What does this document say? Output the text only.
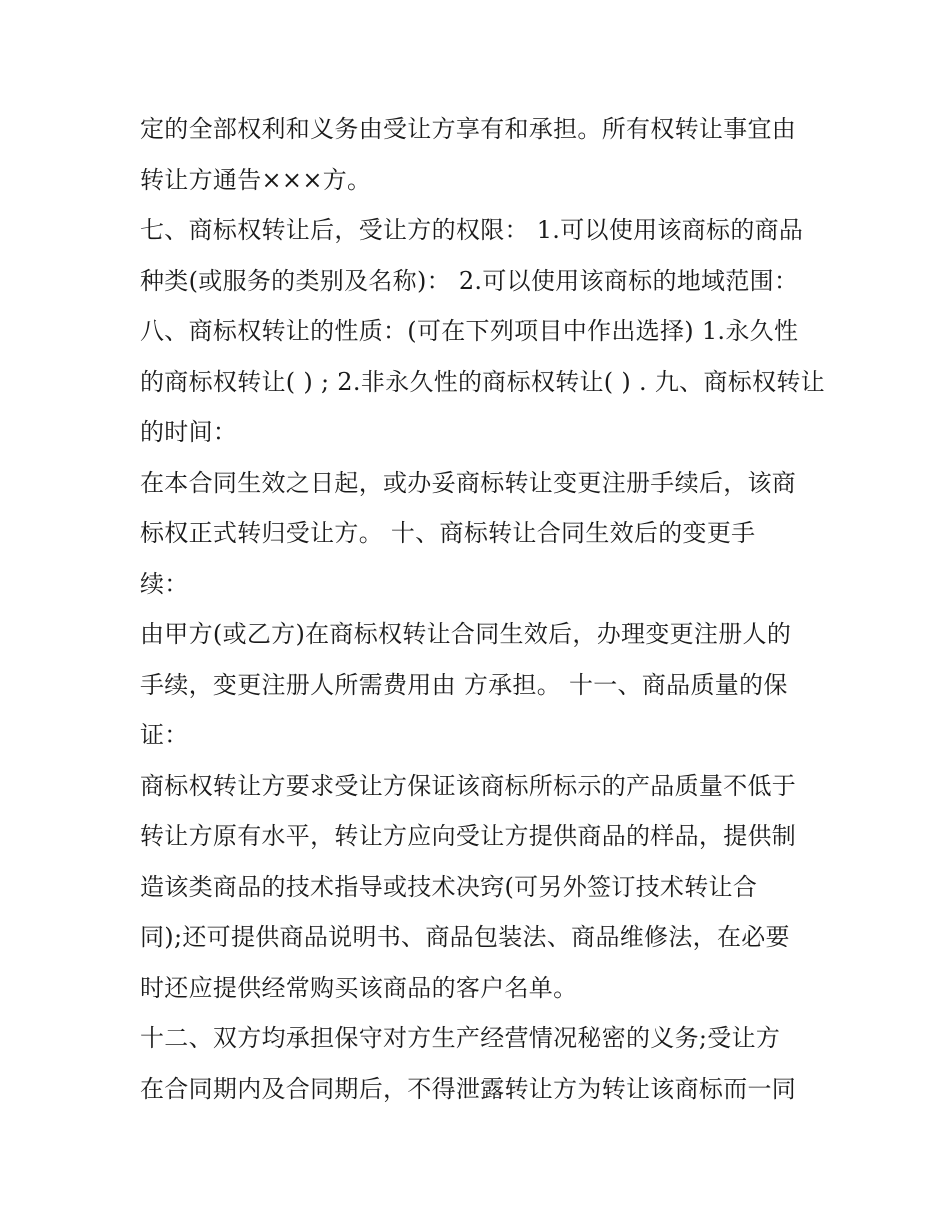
定的全部权利和义务由受让方享有和承担。所有权转让事宜由
转让方通告×××方。
七、商标权转让后，受让方的权限： 1.可以使用该商标的商品
种类(或服务的类别及名称)： 2.可以使用该商标的地域范围：
八、商标权转让的性质：(可在下列项目中作出选择) 1.永久性
的商标权转让( ) ; 2.非永久性的商标权转让( ) . 九、商标权转让
的时间：
在本合同生效之日起，或办妥商标转让变更注册手续后，该商
标权正式转归受让方。 十、商标转让合同生效后的变更手
续：
由甲方(或乙方)在商标权转让合同生效后，办理变更注册人的
手续，变更注册人所需费用由 方承担。 十一、商品质量的保
证：
商标权转让方要求受让方保证该商标所标示的产品质量不低于
转让方原有水平，转让方应向受让方提供商品的样品，提供制
造该类商品的技术指导或技术决窍(可另外签订技术转让合
同);还可提供商品说明书、商品包装法、商品维修法，在必要
时还应提供经常购买该商品的客户名单。
十二、双方均承担保守对方生产经营情况秘密的义务;受让方
在合同期内及合同期后，不得泄露转让方为转让该商标而一同
